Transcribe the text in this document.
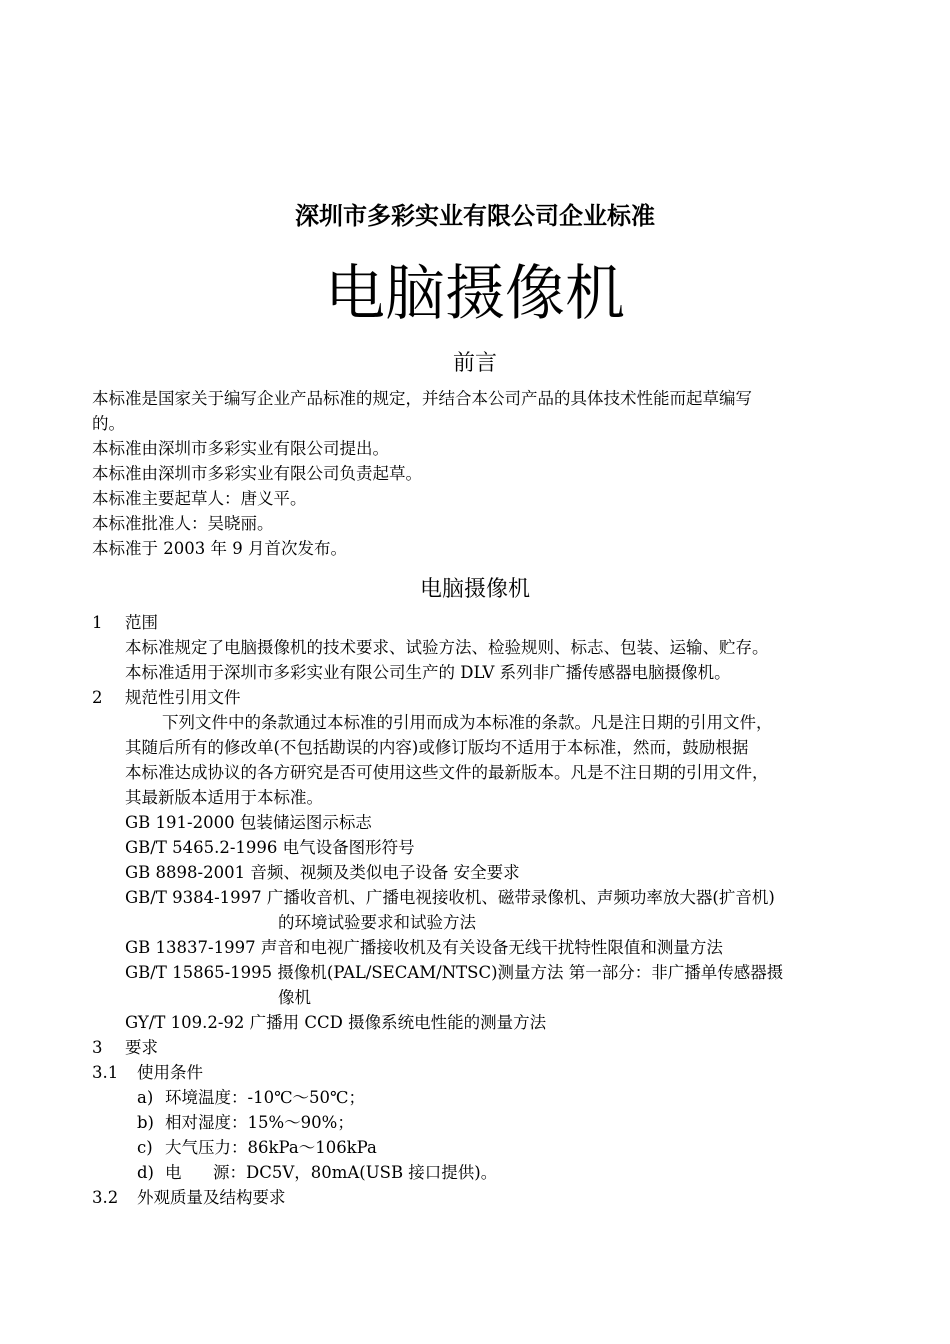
深圳市多彩实业有限公司企业标准
电脑摄像机
前言
本标准是国家关于编写企业产品标准的规定，并结合本公司产品的具体技术性能而起草编写
的。
本标准由深圳市多彩实业有限公司提出。
本标准由深圳市多彩实业有限公司负责起草。
本标准主要起草人：唐义平。
本标准批准人：吴晓丽。
本标准于 2003 年 9 月首次发布。
电脑摄像机
1 范围
本标准规定了电脑摄像机的技术要求、试验方法、检验规则、标志、包装、运输、贮存。
本标准适用于深圳市多彩实业有限公司生产的 DLV 系列非广播传感器电脑摄像机。
2 规范性引用文件
下列文件中的条款通过本标准的引用而成为本标准的条款。凡是注日期的引用文件，
其随后所有的修改单(不包括勘误的内容)或修订版均不适用于本标准，然而，鼓励根据
本标准达成协议的各方研究是否可使用这些文件的最新版本。凡是不注日期的引用文件，
其最新版本适用于本标准。
GB 191-2000 包装储运图示标志
GB/T 5465.2-1996 电气设备图形符号
GB 8898-2001 音频、视频及类似电子设备 安全要求
GB/T 9384-1997 广播收音机、广播电视接收机、磁带录像机、声频功率放大器(扩音机)
的环境试验要求和试验方法
GB 13837-1997 声音和电视广播接收机及有关设备无线干扰特性限值和测量方法
GB/T 15865-1995 摄像机(PAL/SECAM/NTSC)测量方法 第一部分：非广播单传感器摄
像机
GY/T 109.2-92 广播用 CCD 摄像系统电性能的测量方法
3 要求
3.1 使用条件
a) 环境温度：-10℃～50℃；
b) 相对湿度：15%～90%；
c) 大气压力：86kPa～106kPa
d) 电      源：DC5V，80mA(USB 接口提供)。
3.2 外观质量及结构要求
